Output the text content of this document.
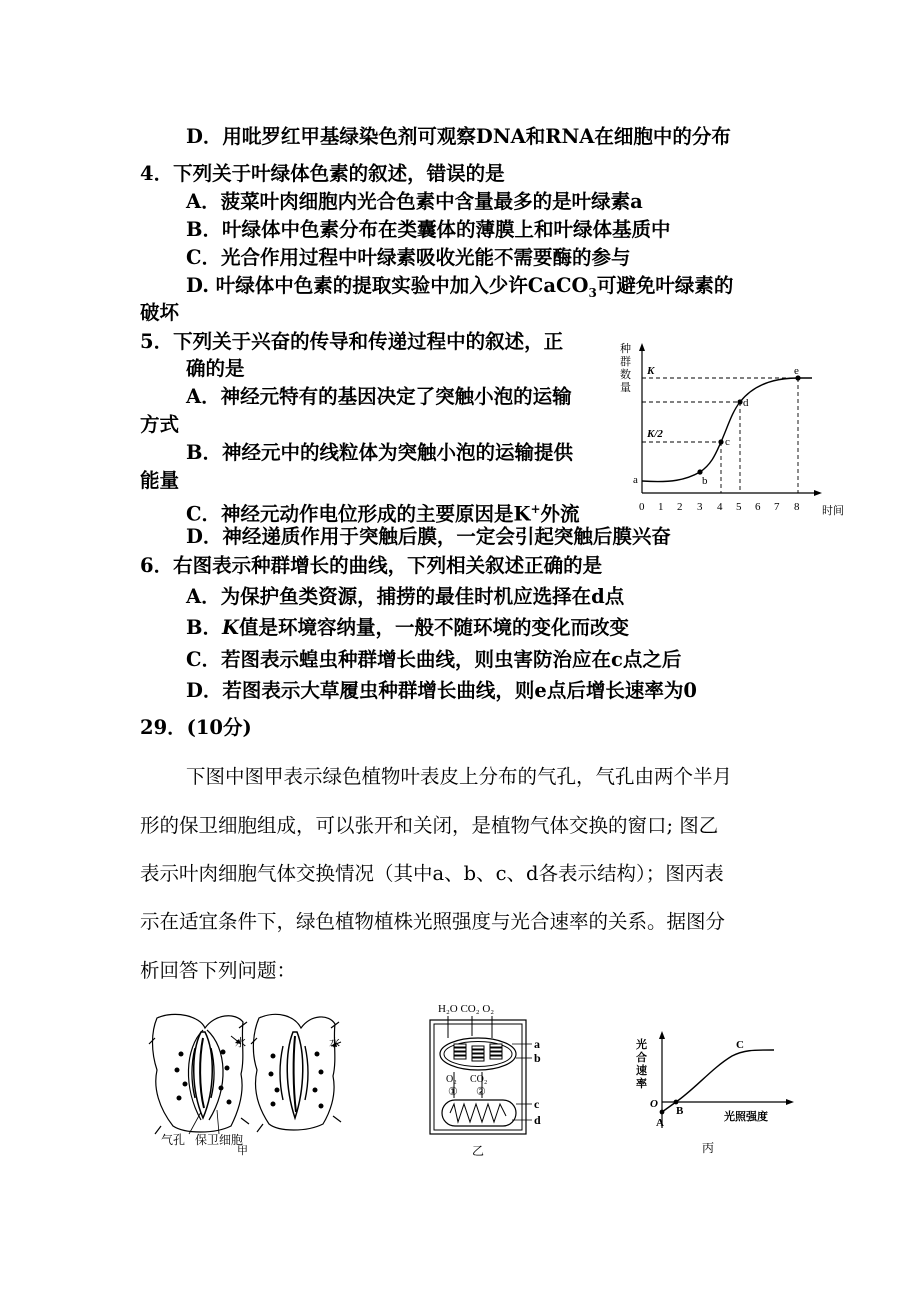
D．用吡罗红甲基绿染色剂可观察DNA和RNA在细胞中的分布
4．下列关于叶绿体色素的叙述，错误的是
A．菠菜叶肉细胞内光合色素中含量最多的是叶绿素a
B．叶绿体中色素分布在类囊体的薄膜上和叶绿体基质中
C．光合作用过程中叶绿素吸收光能不需要酶的参与
D. 叶绿体中色素的提取实验中加入少许CaCO$_3$可避免叶绿素的
破坏
5．下列关于兴奋的传导和传递过程中的叙述，正
确的是
A．神经元特有的基因决定了突触小泡的运输
方式
B．神经元中的线粒体为突触小泡的运输提供
能量
C．神经元动作电位形成的主要原因是K+外流
D．神经递质作用于突触后膜，一定会引起突触后膜兴奋
种
群
数
量
时间
K
K/2
a	b
c
d
e
0 1 2 3 4 5 6 7 8
6．右图表示种群增长的曲线，下列相关叙述正确的是
A．为保护鱼类资源，捕捞的最佳时机应选择在d点
B．K值是环境容纳量，一般不随环境的变化而改变
C．若图表示蝗虫种群增长曲线，则虫害防治应在c点之后
D．若图表示大草履虫种群增长曲线，则e点后增长速率为0
29．(10分)
下图中图甲表示绿色植物叶表皮上分布的气孔，气孔由两个半月
形的保卫细胞组成，可以张开和关闭，是植物气体交换的窗口; 图乙
表示叶肉细胞气体交换情况（其中a、b、c、d各表示结构）；图丙表
示在适宜条件下，绿色植物植株光照强度与光合速率的关系。据图分
析回答下列问题：
水	水
气孔 保卫细胞
甲
H₂O CO₂ O₂
O₂ CO₂
① ②
a
b
c
d
乙
光
合
速
率
O
光照强度
A
B
C
丙
